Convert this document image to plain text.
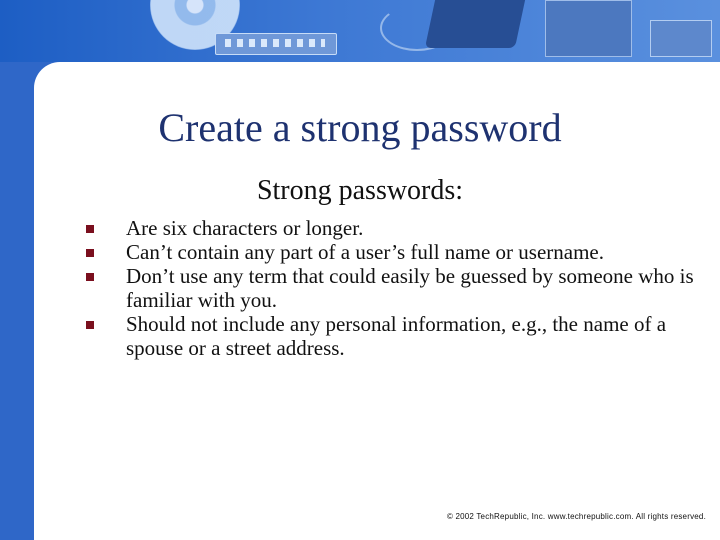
Create a strong password
Strong passwords:
Are six characters or longer.
Can’t contain any part of a user’s full name or username.
Don’t use any term that could easily be guessed by someone who is familiar with you.
Should not include any personal information, e.g., the name of a spouse or a street address.
© 2002 TechRepublic, Inc. www.techrepublic.com. All rights reserved.
